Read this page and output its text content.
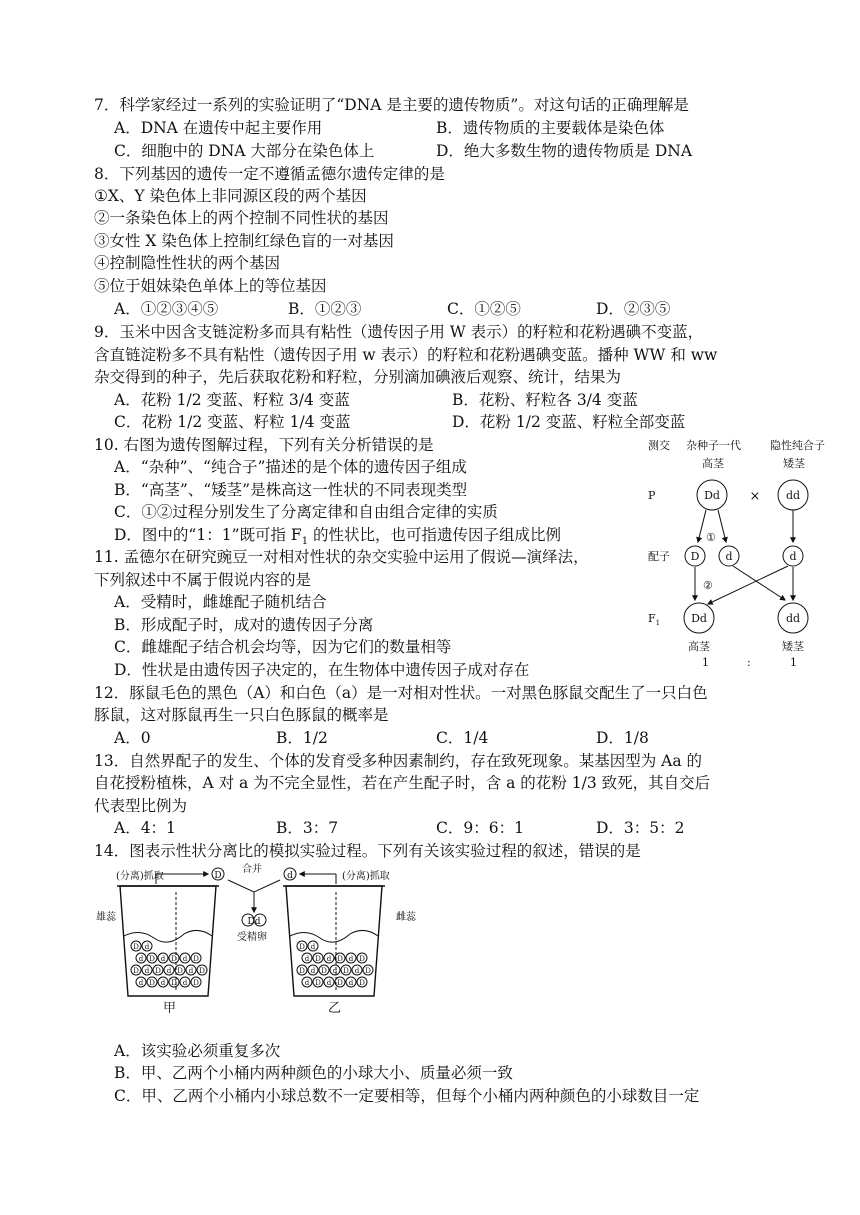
7．科学家经过一系列的实验证明了“DNA 是主要的遗传物质”。对这句话的正确理解是
A．DNA 在遗传中起主要作用	B．遗传物质的主要载体是染色体
C．细胞中的 DNA 大部分在染色体上	D．绝大多数生物的遗传物质是 DNA
8．下列基因的遗传一定不遵循孟德尔遗传定律的是
①X、Y 染色体上非同源区段的两个基因
②一条染色体上的两个控制不同性状的基因
③女性 X 染色体上控制红绿色盲的一对基因
④控制隐性性状的两个基因
⑤位于姐妹染色单体上的等位基因
A．①②③④⑤	B．①②③	C．①②⑤	D．②③⑤
9．玉米中因含支链淀粉多而具有粘性（遗传因子用 W 表示）的籽粒和花粉遇碘不变蓝，
含直链淀粉多不具有粘性（遗传因子用 w 表示）的籽粒和花粉遇碘变蓝。播种 WW 和 ww
杂交得到的种子，先后获取花粉和籽粒，分别滴加碘液后观察、统计，结果为
A．花粉 1/2 变蓝、籽粒 3/4 变蓝	B．花粉、籽粒各 3/4 变蓝
C．花粉 1/2 变蓝、籽粒 1/4 变蓝	D．花粉 1/2 变蓝、籽粒全部变蓝
10. 右图为遗传图解过程，下列有关分析错误的是
A．“杂种”、“纯合子”描述的是个体的遗传因子组成
B．“高茎”、“矮茎”是株高这一性状的不同表现类型
C．①②过程分别发生了分离定律和自由组合定律的实质
D．图中的“1：1”既可指 $F_1$ 的性状比，也可指遗传因子组成比例
11. 孟德尔在研究豌豆一对相对性状的杂交实验中运用了假说—演绎法，
下列叙述中不属于假说内容的是
A．受精时，雌雄配子随机结合
B．形成配子时，成对的遗传因子分离
C．雌雄配子结合机会均等，因为它们的数量相等
D．性状是由遗传因子决定的，在生物体中遗传因子成对存在
12．豚鼠毛色的黑色（A）和白色（a）是一对相对性状。一对黑色豚鼠交配生了一只白色
豚鼠，这对豚鼠再生一只白色豚鼠的概率是
A．0	B．1/2	C．1/4	D．1/8
13．自然界配子的发生、个体的发育受多种因素制约，存在致死现象。某基因型为 Aa 的
自花授粉植株，A 对 a 为不完全显性，若在产生配子时，含 a 的花粉 1/3 致死，其自交后
代表型比例为
A．4：1	B．3：7	C．9：6：1	D．3：5：2
14．图表示性状分离比的模拟实验过程。下列有关该实验过程的叙述，错误的是
A．该实验必须重复多次
B．甲、乙两个小桶内两种颜色的小球大小、质量必须一致
C．甲、乙两个小桶内小球总数不一定要相等，但每个小桶内两种颜色的小球数目一定
测交 杂种子一代	隐性纯合子
高茎	矮茎
P
配子
$F_1$
Dd × dd
①
D d	d
②
Dd	dd
高茎	矮茎
1	:	1
(分离)抓取
雄蕊
D d
d D d D d D
D d D d D d D
d D d D d D
甲
D
合并
d
Dd
受精卵
(分离)抓取
雌蕊
D d
d D d D d D
D d D d D d D
d D d D d D
乙
